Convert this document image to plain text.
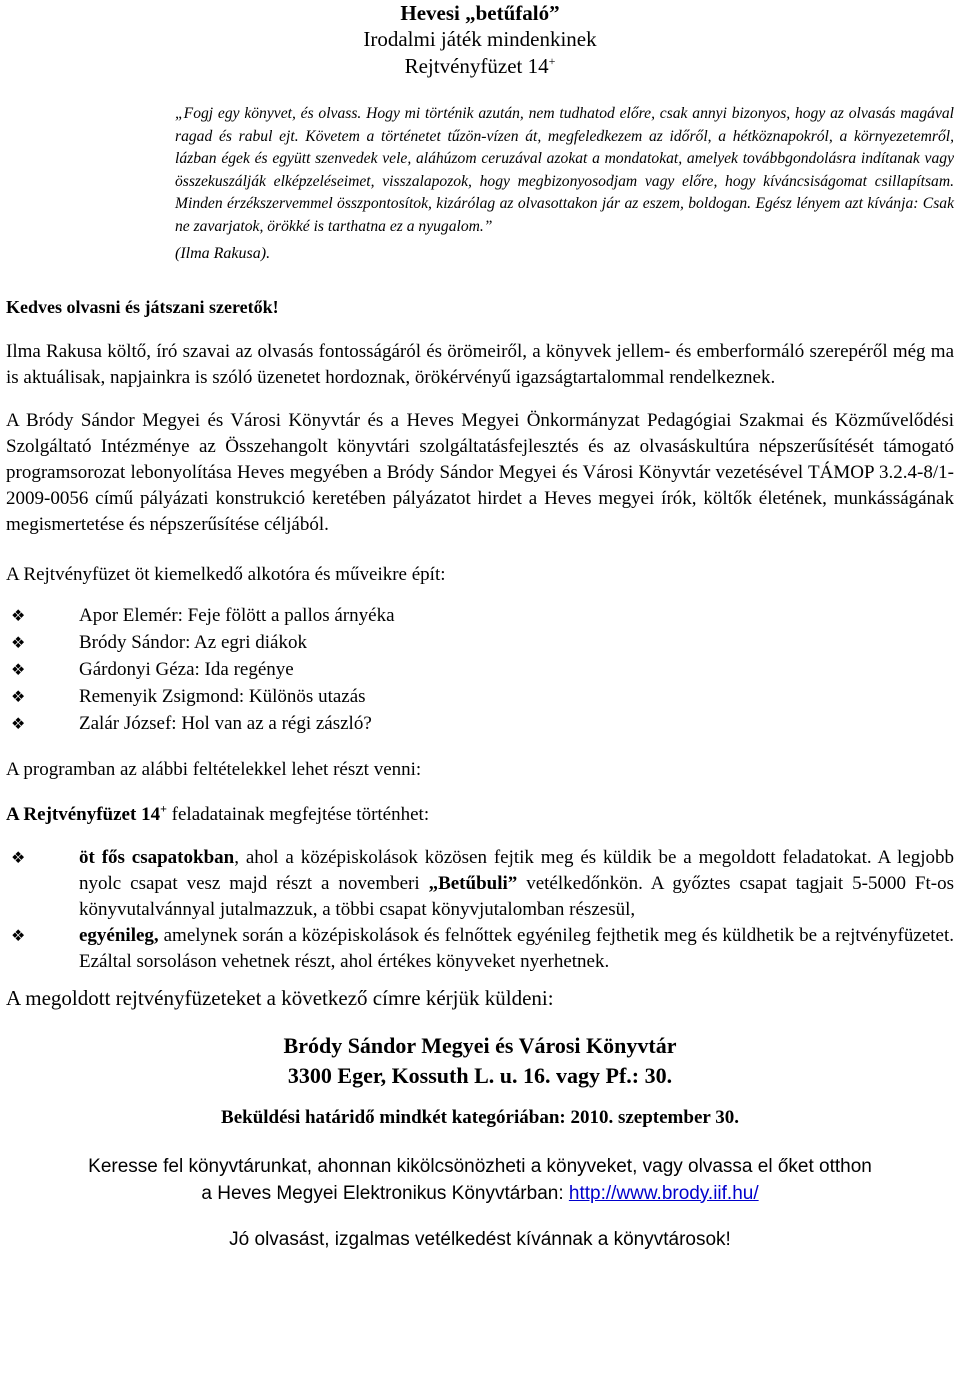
Hevesi „betűfaló”
Irodalmi játék mindenkinek
Rejtvényfüzet 14+
„Fogj egy könyvet, és olvass. Hogy mi történik azután, nem tudhatod előre, csak annyi bizonyos, hogy az olvasás magával ragad és rabul ejt. Követem a történetet tűzön-vízen át, megfeledkezem az időről, a hétköznapokról, a környezetemről, lázban égek és együtt szenvedek vele, aláhúzom ceruzával azokat a mondatokat, amelyek továbbgondolásra indítanak vagy összekuszálják elképzeléseimet, visszalapozok, hogy megbizonyosodjam vagy előre, hogy kíváncsiságomat csillapítsam. Minden érzékszervemmel összpontosítok, kizárólag az olvasottakon jár az eszem, boldogan. Egész lényem azt kívánja: Csak ne zavarjatok, örökké is tarthatna ez a nyugalom.”
(Ilma Rakusa).
Kedves olvasni és játszani szeretők!
Ilma Rakusa költő, író szavai az olvasás fontosságáról és örömeiről, a könyvek jellem- és emberformáló szerepéről még ma is aktuálisak, napjainkra is szóló üzenetet hordoznak, örökérvényű igazságtartalommal rendelkeznek.
A Bródy Sándor Megyei és Városi Könyvtár és a Heves Megyei Önkormányzat Pedagógiai Szakmai és Közművelődési Szolgáltató Intézménye az Összehangolt könyvtári szolgáltatásfejlesztés és az olvasáskultúra népszerűsítését támogató programsorozat lebonyolítása Heves megyében a Bródy Sándor Megyei és Városi Könyvtár vezetésével TÁMOP 3.2.4-8/1-2009-0056 című pályázati konstrukció keretében pályázatot hirdet a Heves megyei írók, költők életének, munkásságának megismertetése és népszerűsítése céljából.
A Rejtvényfüzet öt kiemelkedő alkotóra és műveikre épít:
❖	Apor Elemér: Feje fölött a pallos árnyéka
❖	Bródy Sándor: Az egri diákok
❖	Gárdonyi Géza: Ida regénye
❖	Remenyik Zsigmond: Különös utazás
❖	Zalár József: Hol van az a régi zászló?
A programban az alábbi feltételekkel lehet részt venni:
A Rejtvényfüzet 14+ feladatainak megfejtése történhet:
❖	öt fős csapatokban, ahol a középiskolások közösen fejtik meg és küldik be a megoldott feladatokat. A legjobb nyolc csapat vesz majd részt a novemberi „Betűbuli” vetélkedőnkön. A győztes csapat tagjait 5-5000 Ft-os könyvutalvánnyal jutalmazzuk, a többi csapat könyvjutalomban részesül,
❖	egyénileg, amelynek során a középiskolások és felnőttek egyénileg fejthetik meg és küldhetik be a rejtvényfüzetet. Ezáltal sorsoláson vehetnek részt, ahol értékes könyveket nyerhetnek.
A megoldott rejtvényfüzeteket a következő címre kérjük küldeni:
Bródy Sándor Megyei és Városi Könyvtár
3300 Eger, Kossuth L. u. 16. vagy Pf.: 30.
Beküldési határidő mindkét kategóriában: 2010. szeptember 30.
Keresse fel könyvtárunkat, ahonnan kikölcsönözheti a könyveket, vagy olvassa el őket otthon
a Heves Megyei Elektronikus Könyvtárban: http://www.brody.iif.hu/
Jó olvasást, izgalmas vetélkedést kívánnak a könyvtárosok!
